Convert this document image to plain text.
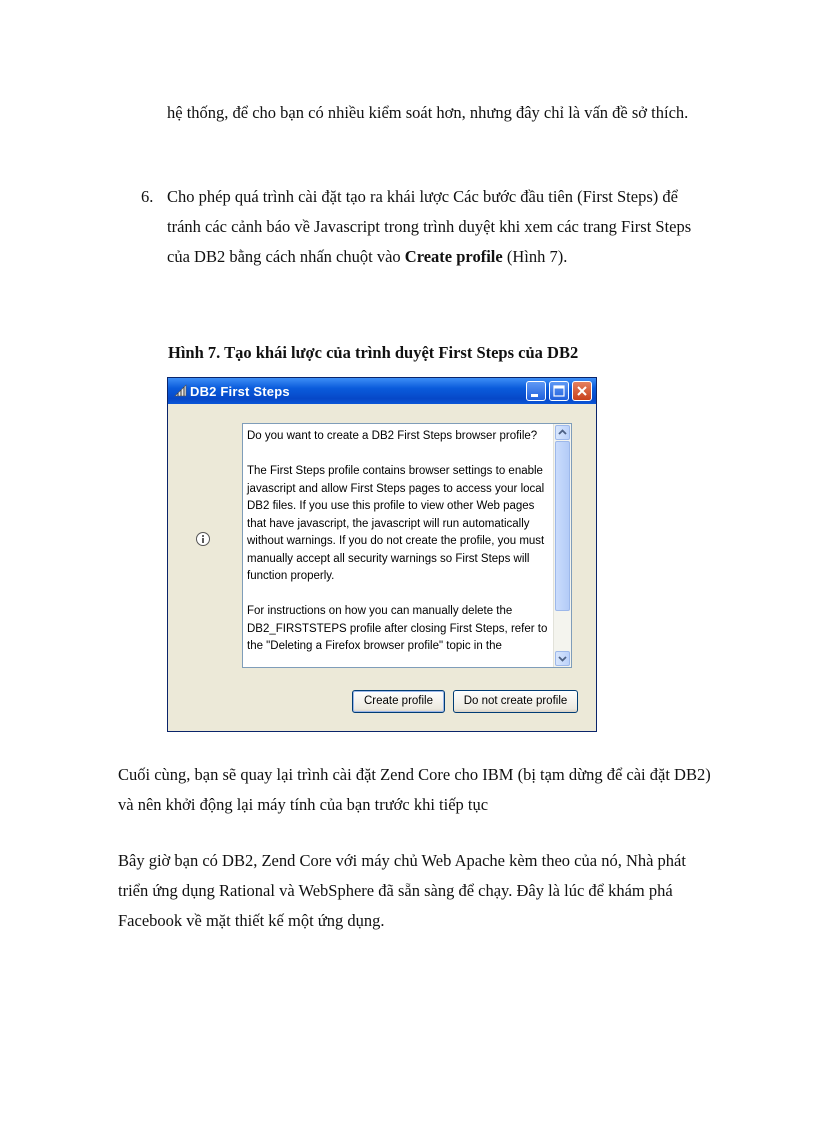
hệ thống, để cho bạn có nhiều kiểm soát hơn, nhưng đây chỉ là vấn đề sở thích.

6. Cho phép quá trình cài đặt tạo ra khái lược Các bước đầu tiên (First Steps) để tránh các cảnh báo về Javascript trong trình duyệt khi xem các trang First Steps của DB2 bằng cách nhấn chuột vào Create profile (Hình 7).
Hình 7. Tạo khái lược của trình duyệt First Steps của DB2
DB2 First Steps

Do you want to create a DB2 First Steps browser profile?

The First Steps profile contains browser settings to enable javascript and allow First Steps pages to access your local DB2 files. If you use this profile to view other Web pages that have javascript, the javascript will run automatically without warnings. If you do not create the profile, you must manually accept all security warnings so First Steps will function properly.

For instructions on how you can manually delete the DB2_FIRSTSTEPS profile after closing First Steps, refer to the "Deleting a Firefox browser profile" topic in the

Create profile	Do not create profile

Cuối cùng, bạn sẽ quay lại trình cài đặt Zend Core cho IBM (bị tạm dừng để cài đặt DB2) và nên khởi động lại máy tính của bạn trước khi tiếp tục

Bây giờ bạn có DB2, Zend Core với máy chủ Web Apache kèm theo của nó, Nhà phát triển ứng dụng Rational và WebSphere đã sẵn sàng để chạy. Đây là lúc để khám phá Facebook về mặt thiết kế một ứng dụng.
